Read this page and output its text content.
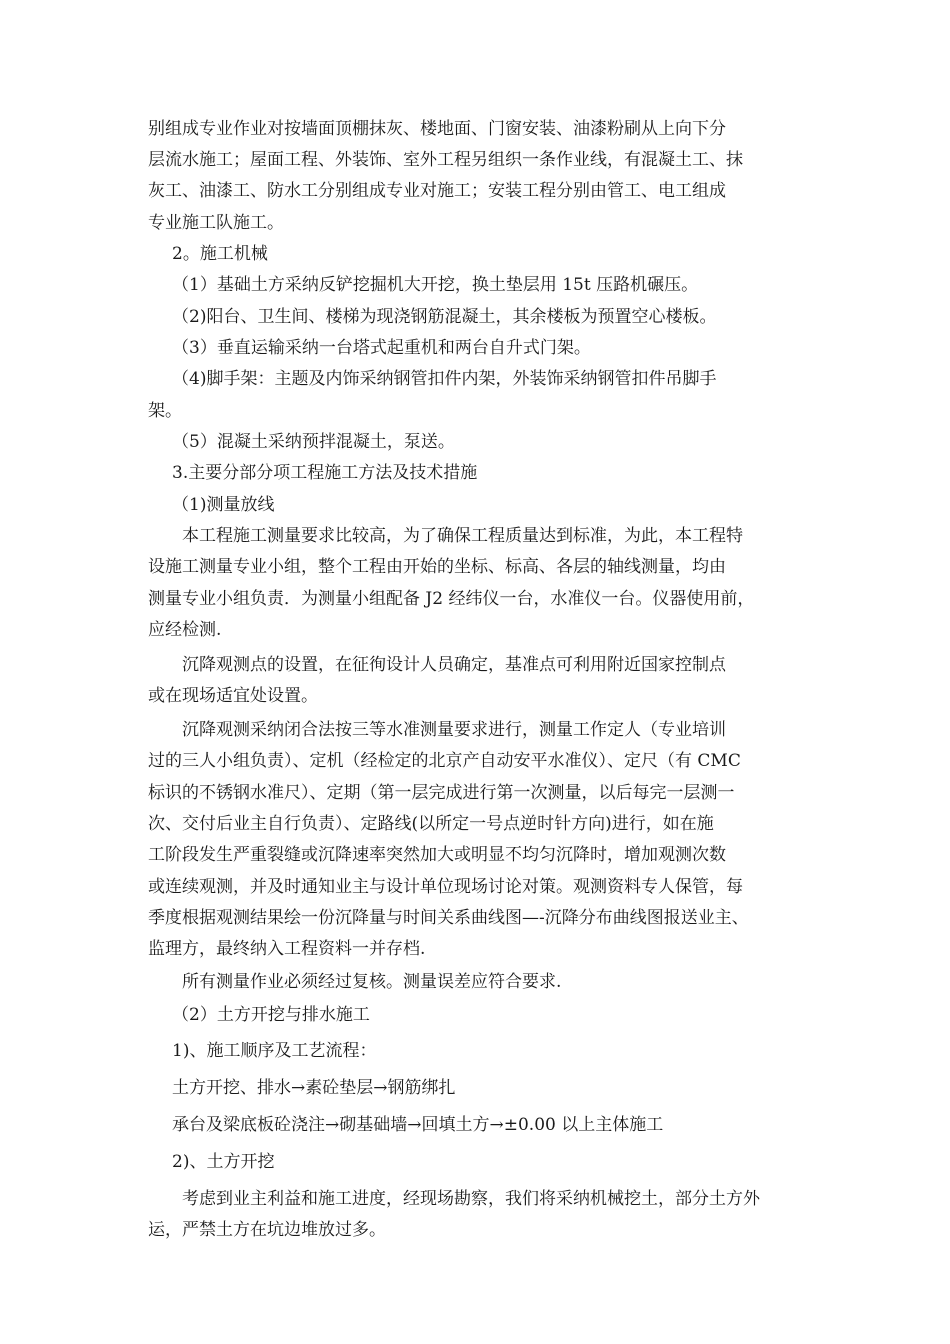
别组成专业作业对按墙面顶棚抹灰、楼地面、门窗安装、油漆粉刷从上向下分
层流水施工；屋面工程、外装饰、室外工程另组织一条作业线，有混凝土工、抹
灰工、油漆工、防水工分别组成专业对施工；安装工程分别由管工、电工组成
专业施工队施工。
2。施工机械
（1）基础土方采纳反铲挖掘机大开挖，换土垫层用 15t 压路机碾压。
（2)阳台、卫生间、楼梯为现浇钢筋混凝土，其余楼板为预置空心楼板。
（3）垂直运输采纳一台塔式起重机和两台自升式门架。
（4)脚手架：主题及内饰采纳钢管扣件内架，外装饰采纳钢管扣件吊脚手
架。
（5）混凝土采纳预拌混凝土，泵送。
3.主要分部分项工程施工方法及技术措施
（1)测量放线
本工程施工测量要求比较高，为了确保工程质量达到标准，为此，本工程特
设施工测量专业小组，整个工程由开始的坐标、标高、各层的轴线测量，均由
测量专业小组负责．为测量小组配备 J2 经纬仪一台，水准仪一台。仪器使用前，
应经检测.
沉降观测点的设置，在征徇设计人员确定，基准点可利用附近国家控制点
或在现场适宜处设置。
沉降观测采纳闭合法按三等水准测量要求进行，测量工作定人（专业培训
过的三人小组负责）、定机（经检定的北京产自动安平水准仪）、定尺（有 CMC
标识的不锈钢水准尺）、定期（第一层完成进行第一次测量，以后每完一层测一
次、交付后业主自行负责）、定路线(以所定一号点逆时针方向)进行，如在施
工阶段发生严重裂缝或沉降速率突然加大或明显不均匀沉降时，增加观测次数
或连续观测，并及时通知业主与设计单位现场讨论对策。观测资料专人保管，每
季度根据观测结果绘一份沉降量与时间关系曲线图—-沉降分布曲线图报送业主、
监理方，最终纳入工程资料一并存档.
所有测量作业必须经过复核。测量误差应符合要求.
（2）土方开挖与排水施工
1)、施工顺序及工艺流程：
土方开挖、排水→素砼垫层→钢筋绑扎
承台及梁底板砼浇注→砌基础墙→回填土方→±0.00 以上主体施工
2)、土方开挖
考虑到业主利益和施工进度，经现场勘察，我们将采纳机械挖土，部分土方外
运，严禁土方在坑边堆放过多。
